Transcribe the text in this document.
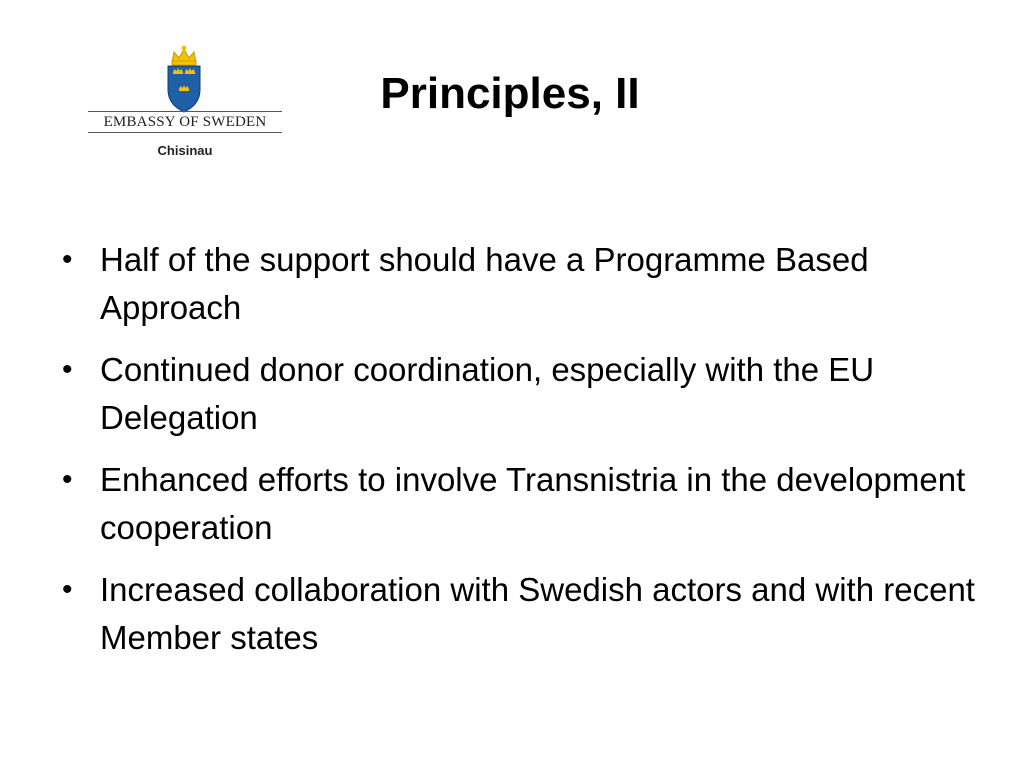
EMBASSY OF SWEDEN
Chisinau
Principles, II
• Half of the support should have a Programme Based Approach
• Continued donor coordination, especially with the EU Delegation
• Enhanced efforts to involve Transnistria in the development cooperation
• Increased collaboration with Swedish actors and with recent Member states
